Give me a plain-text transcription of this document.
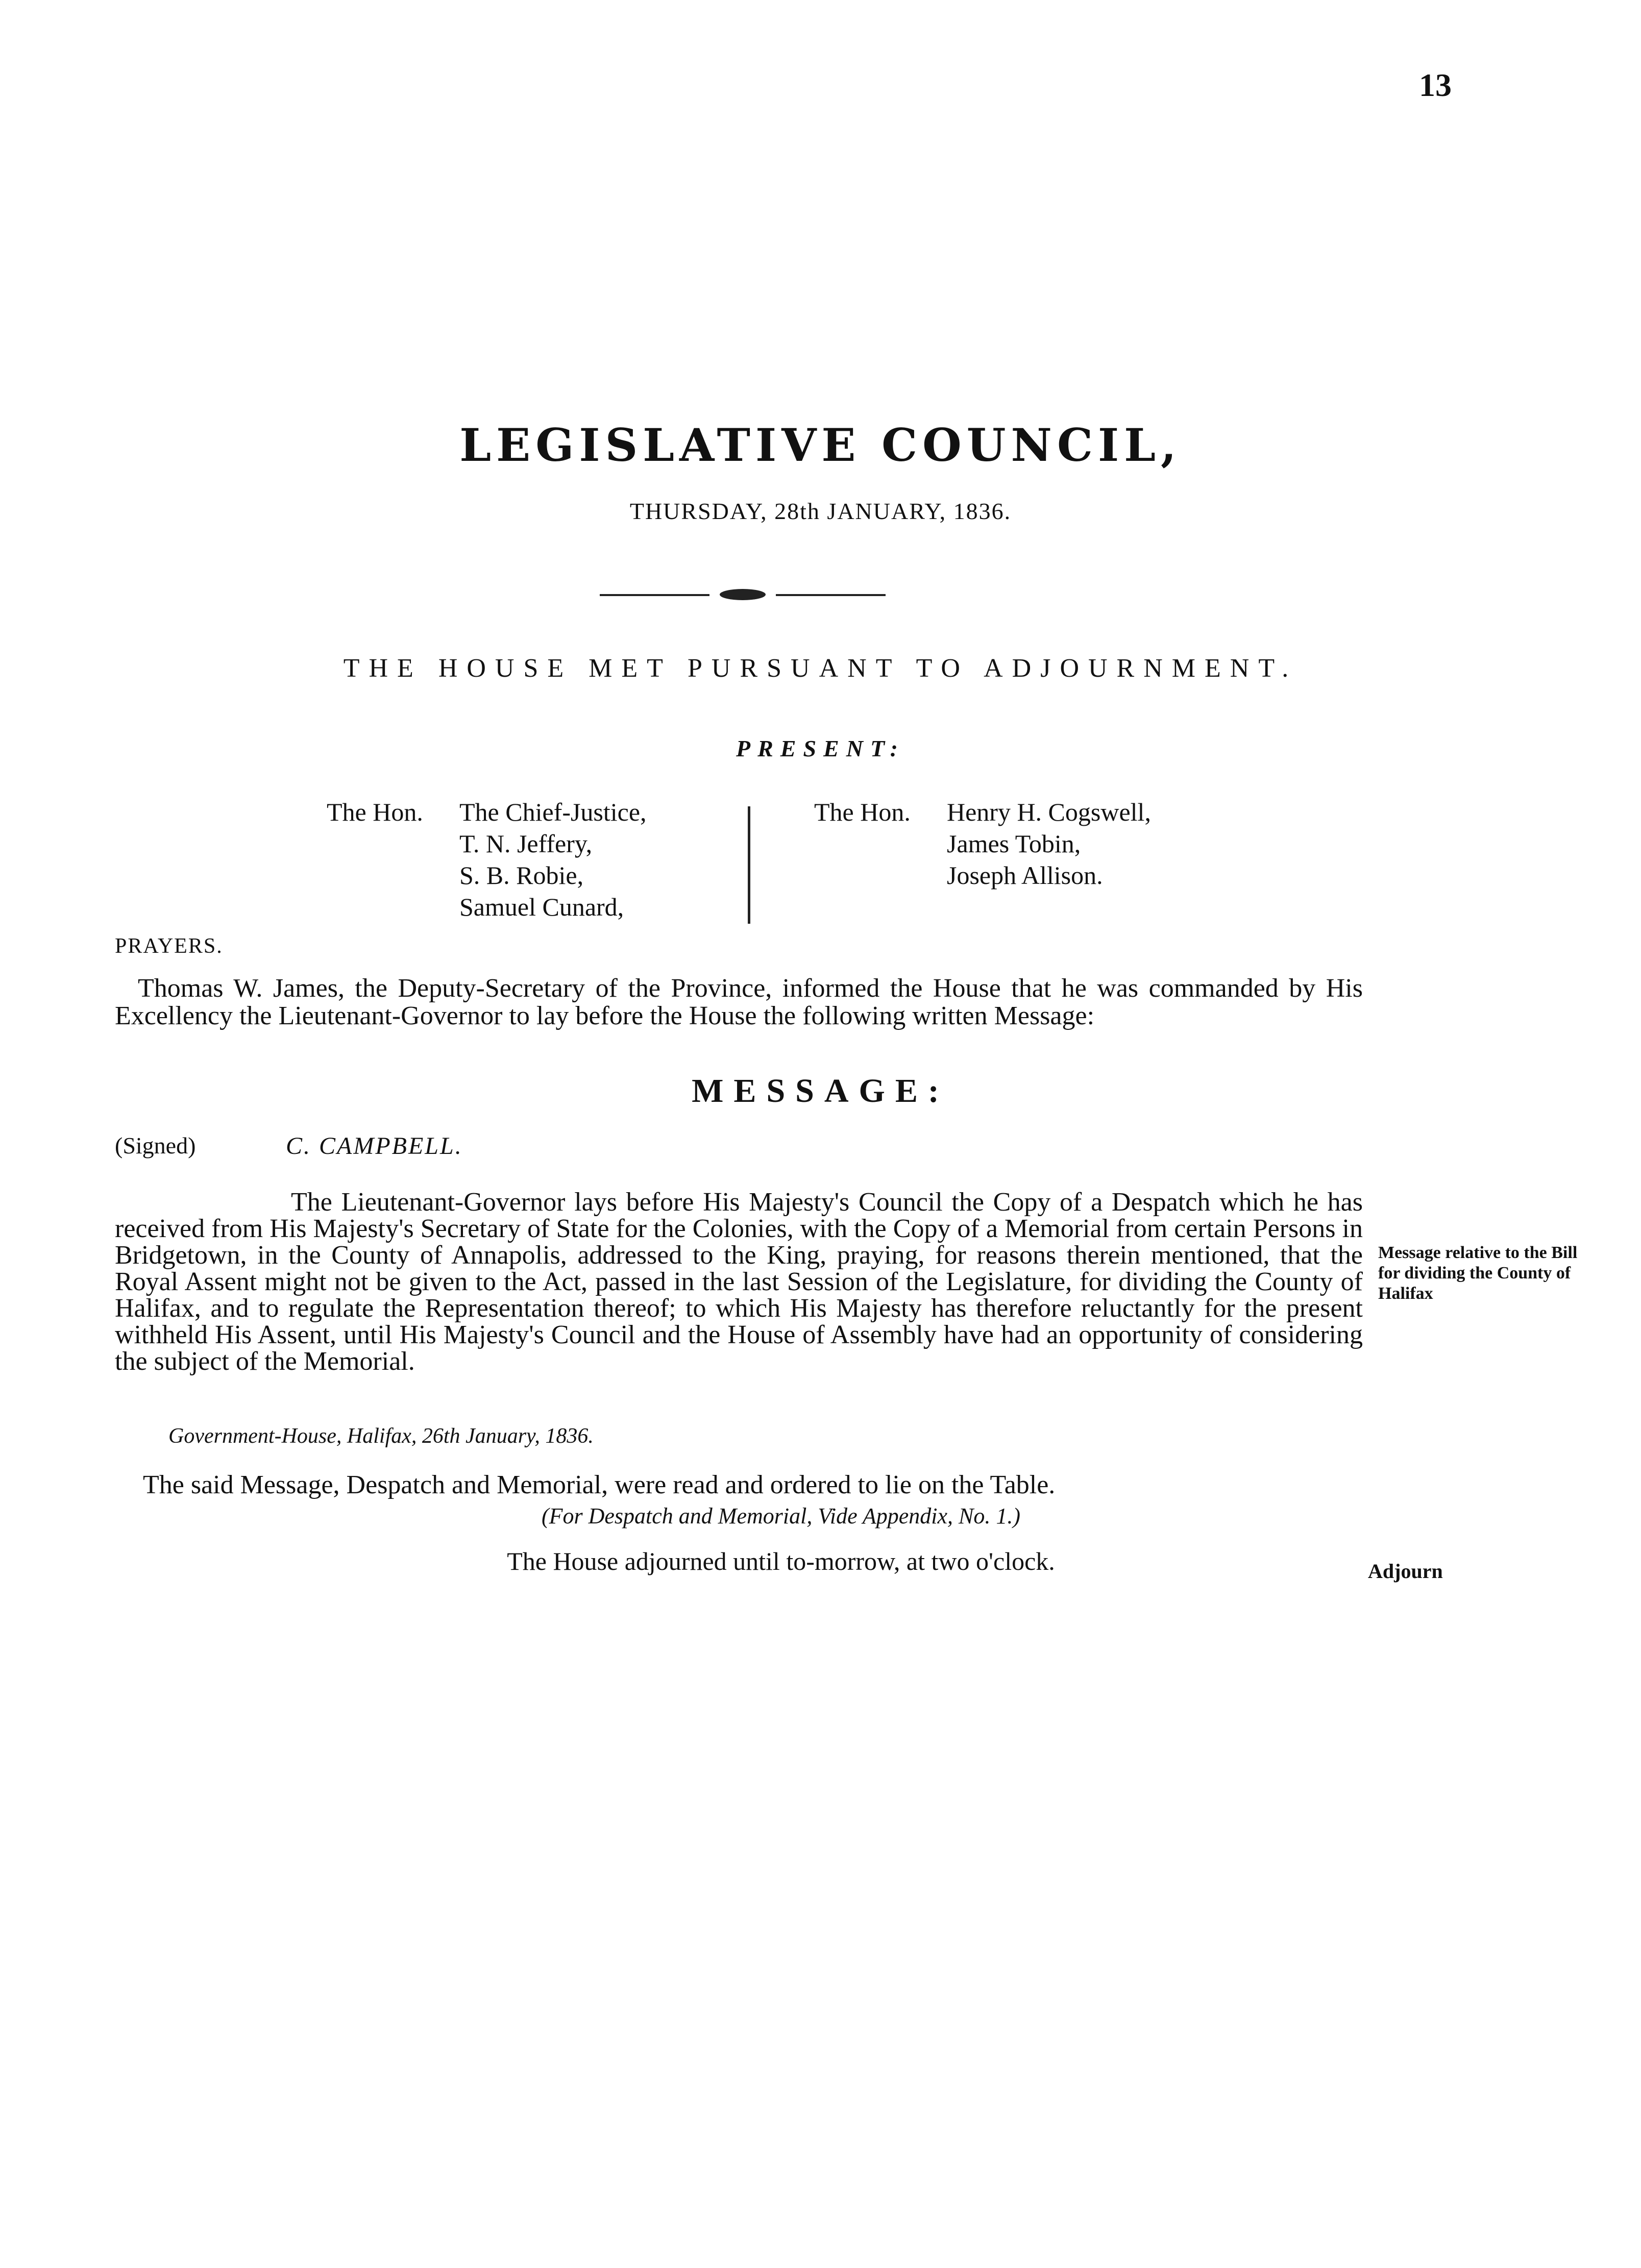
13
LEGISLATIVE COUNCIL,
THURSDAY, 28th JANUARY, 1836.
THE HOUSE MET PURSUANT TO ADJOURNMENT.
PRESENT:
The Hon. The Chief-Justice,
T. N. Jeffery,
S. B. Robie,
Samuel Cunard,
The Hon. Henry H. Cogswell,
James Tobin,
Joseph Allison.
PRAYERS.
Thomas W. James, the Deputy-Secretary of the Province, informed the House that he was commanded by His Excellency the Lieutenant-Governor to lay before the House the following written Message:
MESSAGE:
(Signed)	C. CAMPBELL.
The Lieutenant-Governor lays before His Majesty's Council the Copy of a Despatch which he has received from His Majesty's Secretary of State for the Colonies, with the Copy of a Memorial from certain Persons in Bridgetown, in the County of Annapolis, addressed to the King, praying, for reasons therein mentioned, that the Royal Assent might not be given to the Act, passed in the last Session of the Legislature, for dividing the County of Halifax, and to regulate the Representation thereof; to which His Majesty has therefore reluctantly for the present withheld His Assent, until His Majesty's Council and the House of Assembly have had an opportunity of considering the subject of the Memorial.
Government-House, Halifax, 26th January, 1836.
The said Message, Despatch and Memorial, were read and ordered to lie on the Table.
(For Despatch and Memorial, Vide Appendix, No. 1.)
The House adjourned until to-morrow, at two o'clock.
Message relative to the Bill for dividing the County of Halifax
Adjourn
